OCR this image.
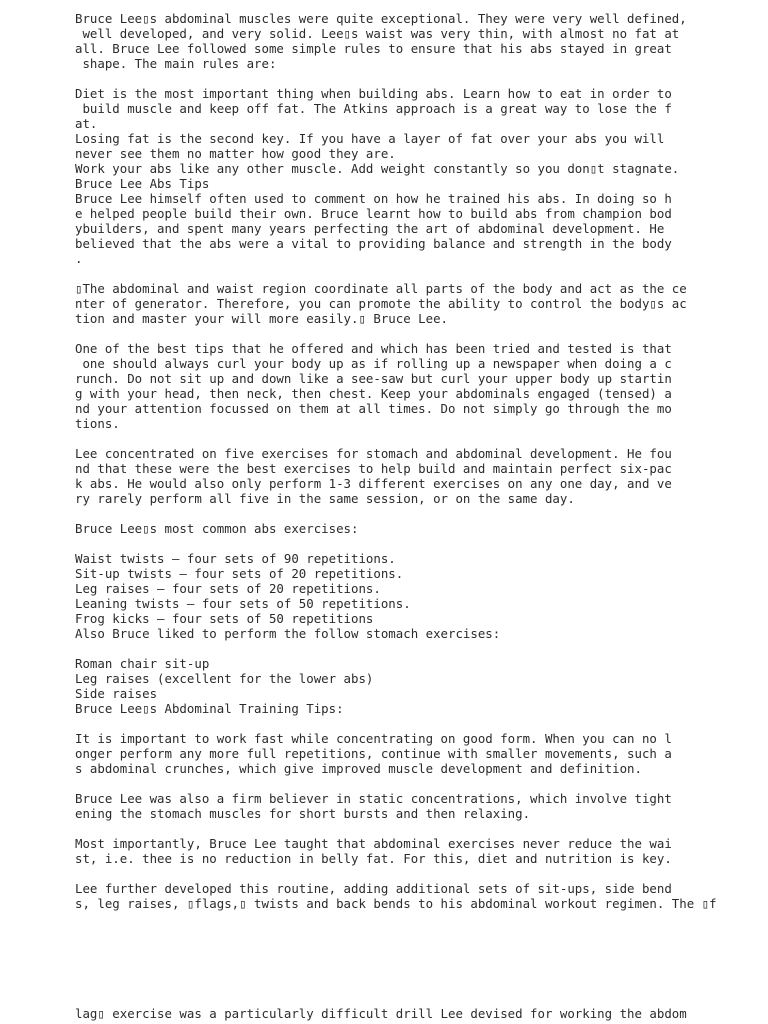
Bruce Lee▯s abdominal muscles were quite exceptional. They were very well defined,
well developed, and very solid. Lee▯s waist was very thin, with almost no fat at
all. Bruce Lee followed some simple rules to ensure that his abs stayed in great
shape. The main rules are:
Diet is the most important thing when building abs. Learn how to eat in order to
build muscle and keep off fat. The Atkins approach is a great way to lose the f
at.
Losing fat is the second key. If you have a layer of fat over your abs you will
never see them no matter how good they are.
Work your abs like any other muscle. Add weight constantly so you don▯t stagnate.
Bruce Lee Abs Tips
Bruce Lee himself often used to comment on how he trained his abs. In doing so h
e helped people build their own. Bruce learnt how to build abs from champion bod
ybuilders, and spent many years perfecting the art of abdominal development. He
believed that the abs were a vital to providing balance and strength in the body
.
▯The abdominal and waist region coordinate all parts of the body and act as the ce
nter of generator. Therefore, you can promote the ability to control the body▯s ac
tion and master your will more easily.▯ Bruce Lee.
One of the best tips that he offered and which has been tried and tested is that
one should always curl your body up as if rolling up a newspaper when doing a c
runch. Do not sit up and down like a see-saw but curl your upper body up startin
g with your head, then neck, then chest. Keep your abdominals engaged (tensed) a
nd your attention focussed on them at all times. Do not simply go through the mo
tions.
Lee concentrated on five exercises for stomach and abdominal development. He fou
nd that these were the best exercises to help build and maintain perfect six-pac
k abs. He would also only perform 1-3 different exercises on any one day, and ve
ry rarely perform all five in the same session, or on the same day.
Bruce Lee▯s most common abs exercises:
Waist twists – four sets of 90 repetitions.
Sit-up twists – four sets of 20 repetitions.
Leg raises – four sets of 20 repetitions.
Leaning twists – four sets of 50 repetitions.
Frog kicks – four sets of 50 repetitions
Also Bruce liked to perform the follow stomach exercises:
Roman chair sit-up
Leg raises (excellent for the lower abs)
Side raises
Bruce Lee▯s Abdominal Training Tips:
It is important to work fast while concentrating on good form. When you can no l
onger perform any more full repetitions, continue with smaller movements, such a
s abdominal crunches, which give improved muscle development and definition.
Bruce Lee was also a firm believer in static concentrations, which involve tight
ening the stomach muscles for short bursts and then relaxing.
Most importantly, Bruce Lee taught that abdominal exercises never reduce the wai
st, i.e. thee is no reduction in belly fat. For this, diet and nutrition is key.
Lee further developed this routine, adding additional sets of sit-ups, side bend
s, leg raises, ▯flags,▯ twists and back bends to his abdominal workout regimen. The ▯f
lag▯ exercise was a particularly difficult drill Lee devised for working the abdom
